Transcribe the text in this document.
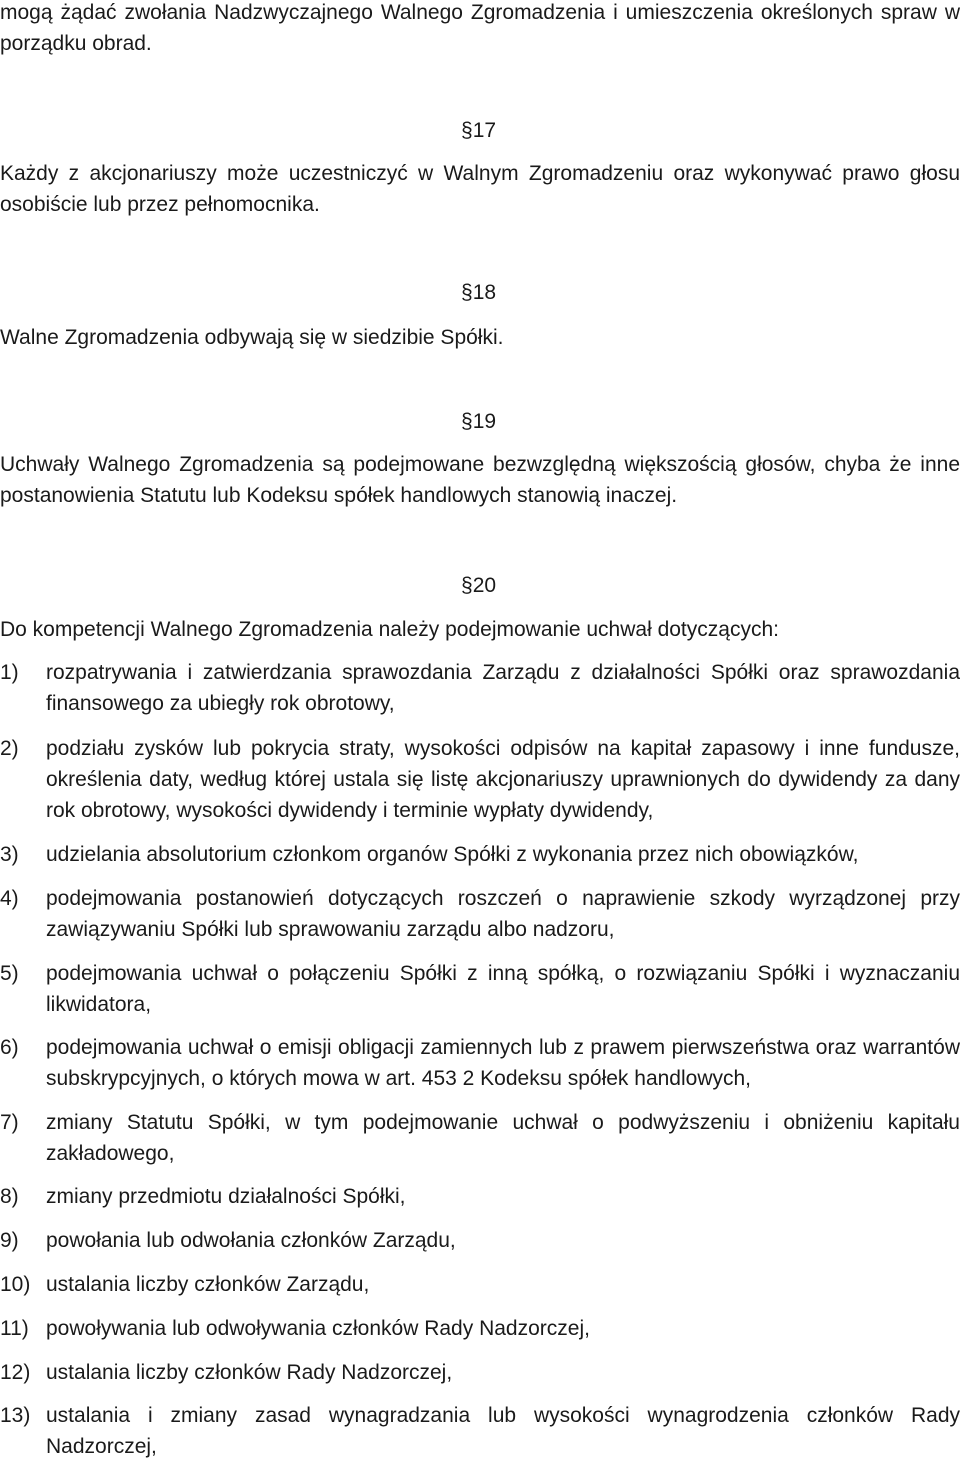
mogą żądać zwołania Nadzwyczajnego Walnego Zgromadzenia i umieszczenia określonych spraw w porządku obrad.

§17

Każdy z akcjonariuszy może uczestniczyć w Walnym Zgromadzeniu oraz wykonywać prawo głosu osobiście lub przez pełnomocnika.

§18

Walne Zgromadzenia odbywają się w siedzibie Spółki.

§19

Uchwały Walnego Zgromadzenia są podejmowane bezwzględną większością głosów, chyba że inne postanowienia Statutu lub Kodeksu spółek handlowych stanowią inaczej.

§20

Do kompetencji Walnego Zgromadzenia należy podejmowanie uchwał dotyczących:

1) rozpatrywania i zatwierdzania sprawozdania Zarządu z działalności Spółki oraz sprawozdania finansowego za ubiegły rok obrotowy,
2) podziału zysków lub pokrycia straty, wysokości odpisów na kapitał zapasowy i inne fundusze, określenia daty, według której ustala się listę akcjonariuszy uprawnionych do dywidendy za dany rok obrotowy, wysokości dywidendy i terminie wypłaty dywidendy,
3) udzielania absolutorium członkom organów Spółki z wykonania przez nich obowiązków,
4) podejmowania postanowień dotyczących roszczeń o naprawienie szkody wyrządzonej przy zawiązywaniu Spółki lub sprawowaniu zarządu albo nadzoru,
5) podejmowania uchwał o połączeniu Spółki z inną spółką, o rozwiązaniu Spółki i wyznaczaniu likwidatora,
6) podejmowania uchwał o emisji obligacji zamiennych lub z prawem pierwszeństwa oraz warrantów subskrypcyjnych, o których mowa w art. 453 2 Kodeksu spółek handlowych,
7) zmiany Statutu Spółki, w tym podejmowanie uchwał o podwyższeniu i obniżeniu kapitału zakładowego,
8) zmiany przedmiotu działalności Spółki,
9) powołania lub odwołania członków Zarządu,
10) ustalania liczby członków Zarządu,
11) powoływania lub odwoływania członków Rady Nadzorczej,
12) ustalania liczby członków Rady Nadzorczej,
13) ustalania i zmiany zasad wynagradzania lub wysokości wynagrodzenia członków Rady Nadzorczej,
